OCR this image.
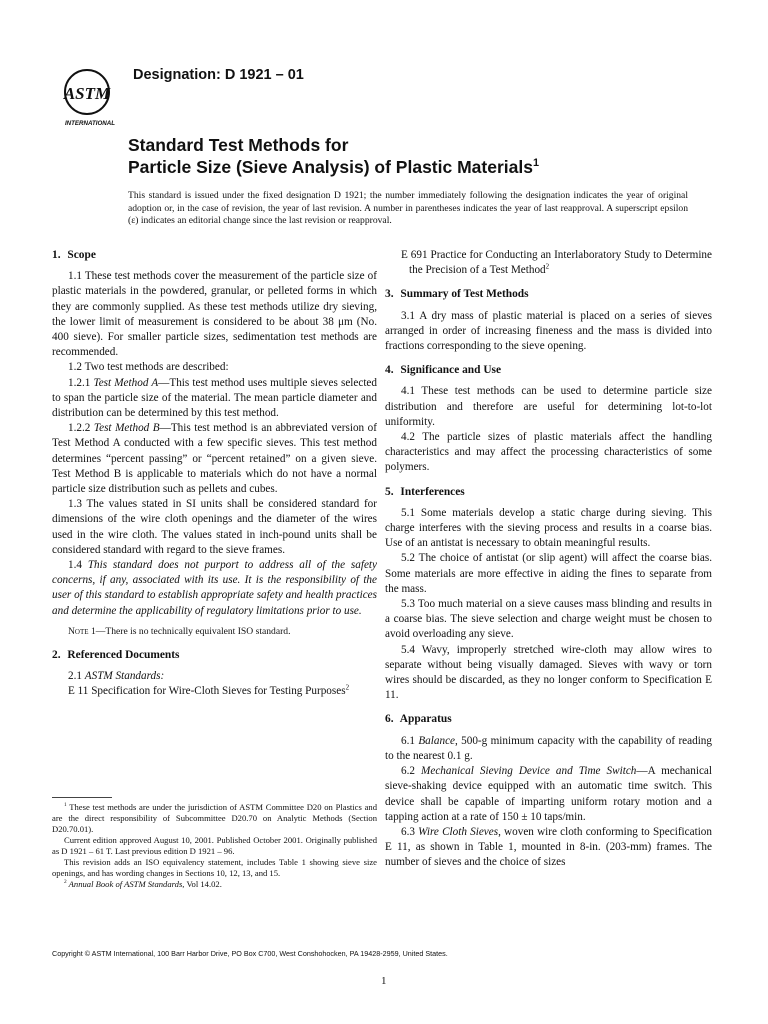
ASTM
INTERNATIONAL
Designation: D 1921 – 01
Standard Test Methods for
Particle Size (Sieve Analysis) of Plastic Materials$^1$
This standard is issued under the fixed designation D 1921; the number immediately following the designation indicates the year of original adoption or, in the case of revision, the year of last revision. A number in parentheses indicates the year of last reapproval. A superscript epsilon (ε) indicates an editorial change since the last revision or reapproval.
1. Scope

1.1 These test methods cover the measurement of the particle size of plastic materials in the powdered, granular, or pelleted forms in which they are commonly supplied. As these test methods utilize dry sieving, the lower limit of measurement is considered to be about 38 μm (No. 400 sieve). For smaller particle sizes, sedimentation test methods are recommended.

1.2 Two test methods are described:

1.2.1 Test Method A—This test method uses multiple sieves selected to span the particle size of the material. The mean particle diameter and distribution can be determined by this test method.

1.2.2 Test Method B—This test method is an abbreviated version of Test Method A conducted with a few specific sieves. This test method determines “percent passing” or “percent retained” on a given sieve. Test Method B is applicable to materials which do not have a normal particle size distribution such as pellets and cubes.

1.3 The values stated in SI units shall be considered standard for dimensions of the wire cloth openings and the diameter of the wires used in the wire cloth. The values stated in inch-pound units shall be considered standard with regard to the sieve frames.

1.4 This standard does not purport to address all of the safety concerns, if any, associated with its use. It is the responsibility of the user of this standard to establish appropriate safety and health practices and determine the applicability of regulatory limitations prior to use.

Note 1—There is no technically equivalent ISO standard.

2. Referenced Documents

2.1 ASTM Standards:

E 11 Specification for Wire-Cloth Sieves for Testing Purposes$^2$

E 691 Practice for Conducting an Interlaboratory Study to Determine the Precision of a Test Method$^2$

3. Summary of Test Methods

3.1 A dry mass of plastic material is placed on a series of sieves arranged in order of increasing fineness and the mass is divided into fractions corresponding to the sieve opening.

4. Significance and Use

4.1 These test methods can be used to determine particle size distribution and therefore are useful for determining lot-to-lot uniformity.

4.2 The particle sizes of plastic materials affect the handling characteristics and may affect the processing characteristics of some polymers.

5. Interferences

5.1 Some materials develop a static charge during sieving. This charge interferes with the sieving process and results in a coarse bias. Use of an antistat is necessary to obtain meaningful results.

5.2 The choice of antistat (or slip agent) will affect the coarse bias. Some materials are more effective in aiding the fines to separate from the mass.

5.3 Too much material on a sieve causes mass blinding and results in a coarse bias. The sieve selection and charge weight must be chosen to avoid overloading any sieve.

5.4 Wavy, improperly stretched wire-cloth may allow wires to separate without being visually damaged. Sieves with wavy or torn wires should be discarded, as they no longer conform to Specification E 11.

6. Apparatus

6.1 Balance, 500-g minimum capacity with the capability of reading to the nearest 0.1 g.

6.2 Mechanical Sieving Device and Time Switch—A mechanical sieve-shaking device equipped with an automatic time switch. This device shall be capable of imparting uniform rotary motion and a tapping action at a rate of 150 ± 10 taps/min.

6.3 Wire Cloth Sieves, woven wire cloth conforming to Specification E 11, as shown in Table 1, mounted in 8-in. (203-mm) frames. The number of sieves and the choice of sizes

$^1$ These test methods are under the jurisdiction of ASTM Committee D20 on Plastics and are the direct responsibility of Subcommittee D20.70 on Analytic Methods (Section D20.70.01).

Current edition approved August 10, 2001. Published October 2001. Originally published as D 1921 – 61 T. Last previous edition D 1921 – 96.

This revision adds an ISO equivalency statement, includes Table 1 showing sieve size openings, and has wording changes in Sections 10, 12, 13, and 15.

$^2$ Annual Book of ASTM Standards, Vol 14.02.

Copyright © ASTM International, 100 Barr Harbor Drive, PO Box C700, West Conshohocken, PA 19428-2959, United States.
1
